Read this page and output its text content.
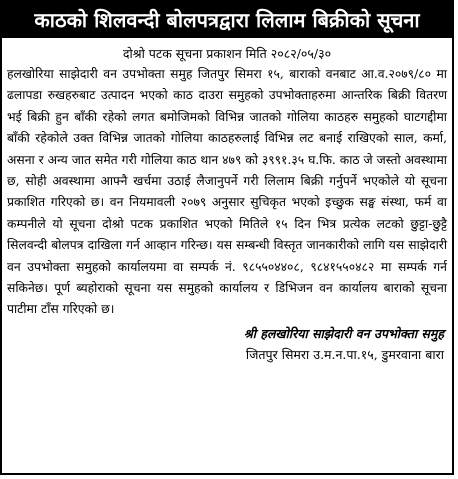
काठको शिलवन्दी बोलपत्रद्वारा लिलाम बिक्रीको सूचना
दोश्रो पटक सूचना प्रकाशन मिति २०८२/०५/३०
हलखोरिया साझेदारी वन उपभोक्ता समुह जितपुर सिमरा १५, बाराको वनबाट आ.व.२०७९/८० मा ढलापडा रुखहरुबाट उत्पादन भएको काठ दाउरा समुहको उपभोक्ताहरुमा आन्तरिक बिक्री वितरण भई बिक्री हुन बाँकी रहेको लगत बमोजिमको विभिन्न जातको गोलिया काठहरु समुहको घाटगद्दीमा बाँकी रहेकोले उक्त विभिन्न जातको गोलिया काठहरुलाई विभिन्न लट बनाई राखिएको साल, कर्मा, असना र अन्य जात समेत गरी गोलिया काठ थान ४७९ को ३९९१.३५ घ.फि. काठ जे जस्तो अवस्थामा छ, सोही अवस्थामा आफ्नै खर्चमा उठाई लैजानुपर्ने गरी लिलाम बिक्री गर्नुपर्ने भएकोले यो सूचना प्रकाशित गरिएको छ। वन नियमावली २०७९ अनुसार सुचिकृत भएको इच्छुक सङ्घ संस्था, फर्म वा कम्पनीले यो सूचना दोश्रो पटक प्रकाशित भएको मितिले १५ दिन भित्र प्रत्येक लटको छुट्टा-छुट्टै सिलवन्दी बोलपत्र दाखिला गर्न आव्हान गरिन्छ। यस सम्बन्धी विस्तृत जानकारीको लागि यस साझेदारी वन उपभोक्ता समुहको कार्यालयमा वा सम्पर्क नं. ९८५५०४४०८, ९८४१५५०४८२ मा सम्पर्क गर्न सकिनेछ। पूर्ण ब्यहोराको सूचना यस समुहको कार्यालय र डिभिजन वन कार्यालय बाराको सूचना पाटीमा टाँस गरिएको छ।
श्री हलखोरिया साझेदारी वन उपभोक्ता समुह
जितपुर सिमरा उ.म.न.पा.१५, डुमरवाना बारा
